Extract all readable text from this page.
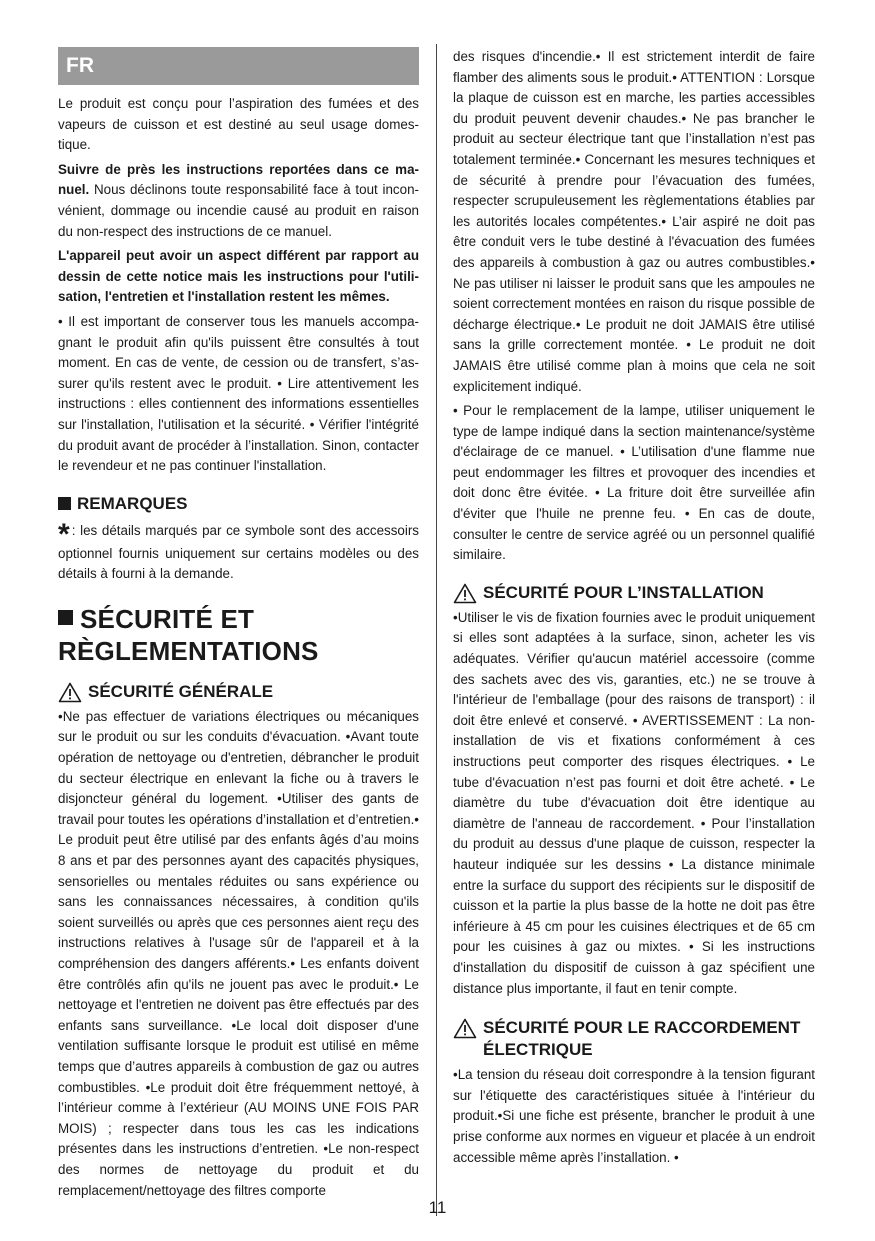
FR

Le produit est conçu pour l’aspiration des fumées et des vapeurs de cuisson et est destiné au seul usage domestique.

Suivre de près les instructions reportées dans ce manuel. Nous déclinons toute responsabilité face à tout inconvénient, dommage ou incendie causé au produit en raison du non-respect des instructions de ce manuel.

L'appareil peut avoir un aspect différent par rapport au dessin de cette notice mais les instructions pour l'utilisation, l'entretien et l'installation restent les mêmes.

• Il est important de conserver tous les manuels accompagnant le produit afin qu'ils puissent être consultés à tout moment. En cas de vente, de cession ou de transfert, s’assurer qu'ils restent avec le produit. • Lire attentivement les instructions : elles contiennent des informations essentielles sur l'installation, l'utilisation et la sécurité. • Vérifier l'intégrité du produit avant de procéder à l’installation. Sinon, contacter le revendeur et ne pas continuer l'installation.

REMARQUES

* : les détails marqués par ce symbole sont des accessoirs optionnel fournis uniquement sur certains modèles ou des détails à fourni à la demande.

SÉCURITÉ ET
RÈGLEMENTATIONS
SÉCURITÉ GÉNÉRALE

•Ne pas effectuer de variations électriques ou mécaniques sur le produit ou sur les conduits d'évacuation. •Avant toute opération de nettoyage ou d'entretien, débrancher le produit du secteur électrique en enlevant la fiche ou à travers le disjoncteur général du logement. •Utiliser des gants de travail pour toutes les opérations d’installation et d’entretien.• Le produit peut être utilisé par des enfants âgés d’au moins 8 ans et par des personnes ayant des capacités physiques, sensorielles ou mentales réduites ou sans expérience ou sans les connaissances nécessaires, à condition qu'ils soient surveillés ou après que ces personnes aient reçu des instructions relatives à l'usage sûr de l'appareil et à la compréhension des dangers afférents.• Les enfants doivent être contrôlés afin qu'ils ne jouent pas avec le produit.• Le nettoyage et l'entretien ne doivent pas être effectués par des enfants sans surveillance. •Le local doit disposer d'une ventilation suffisante lorsque le produit est utilisé en même temps que d’autres appareils à combustion de gaz ou autres combustibles. •Le produit doit être fréquemment nettoyé, à l’intérieur comme à l’extérieur (AU MOINS UNE FOIS PAR MOIS) ; respecter dans tous les cas les indications présentes dans les instructions d’entretien. •Le non-respect des normes de nettoyage du produit et du remplacement/nettoyage des filtres comporte

des risques d'incendie.• Il est strictement interdit de faire flamber des aliments sous le produit.• ATTENTION : Lorsque la plaque de cuisson est en marche, les parties accessibles du produit peuvent devenir chaudes.• Ne pas brancher le produit au secteur électrique tant que l’installation n’est pas totalement terminée.• Concernant les mesures techniques et de sécurité à prendre pour l’évacuation des fumées, respecter scrupuleusement les règlementations établies par les autorités locales compétentes.• L’air aspiré ne doit pas être conduit vers le tube destiné à l'évacuation des fumées des appareils à combustion à gaz ou autres combustibles.• Ne pas utiliser ni laisser le produit sans que les ampoules ne soient correctement montées en raison du risque possible de décharge électrique.• Le produit ne doit JAMAIS être utilisé sans la grille correctement montée. • Le produit ne doit JAMAIS être utilisé comme plan à moins que cela ne soit explicitement indiqué.

• Pour le remplacement de la lampe, utiliser uniquement le type de lampe indiqué dans la section maintenance/système d'éclairage de ce manuel. • L’utilisation d'une flamme nue peut endommager les filtres et provoquer des incendies et doit donc être évitée. • La friture doit être surveillée afin d'éviter que l'huile ne prenne feu. • En cas de doute, consulter le centre de service agréé ou un personnel qualifié similaire.

SÉCURITÉ POUR L’INSTALLATION

•Utiliser le vis de fixation fournies avec le produit uniquement si elles sont adaptées à la surface, sinon, acheter les vis adéquates. Vérifier qu'aucun matériel accessoire (comme des sachets avec des vis, garanties, etc.) ne se trouve à l'intérieur de l'emballage (pour des raisons de transport) : il doit être enlevé et conservé. • AVERTISSEMENT : La non-installation de vis et fixations conformément à ces instructions peut comporter des risques électriques. • Le tube d'évacuation n’est pas fourni et doit être acheté. • Le diamètre du tube d'évacuation doit être identique au diamètre de l'anneau de raccordement. • Pour l’installation du produit au dessus d'une plaque de cuisson, respecter la hauteur indiquée sur les dessins • La distance minimale entre la surface du support des récipients sur le dispositif de cuisson et la partie la plus basse de la hotte ne doit pas être inférieure à 45 cm pour les cuisines électriques et de 65 cm pour les cuisines à gaz ou mixtes. • Si les instructions d'installation du dispositif de cuisson à gaz spécifient une distance plus importante, il faut en tenir compte.

SÉCURITÉ POUR LE RACCORDEMENT ÉLECTRIQUE

•La tension du réseau doit correspondre à la tension figurant sur l'étiquette des caractéristiques située à l'intérieur du produit.•Si une fiche est présente, brancher le produit à une prise conforme aux normes en vigueur et placée à un endroit accessible même après l’installation. •

11
